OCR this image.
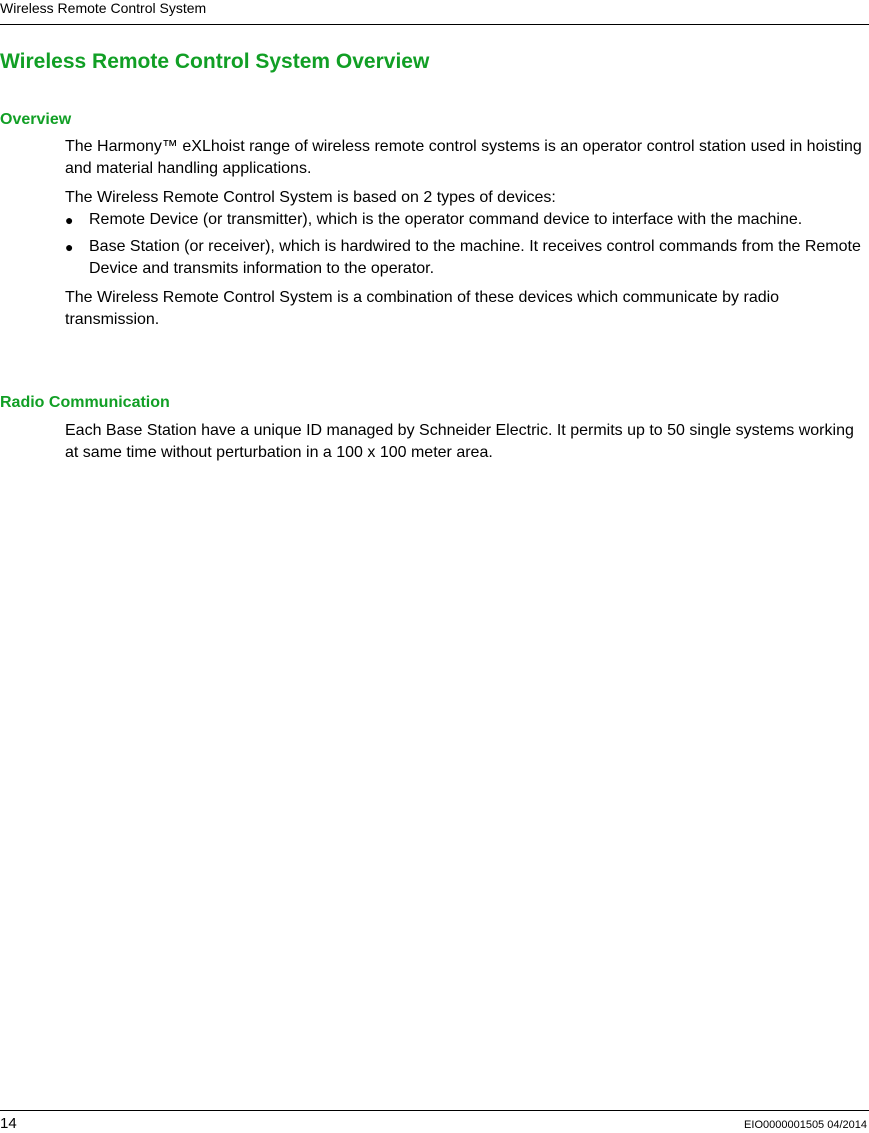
Wireless Remote Control System
Wireless Remote Control System Overview
Overview

The Harmony™ eXLhoist range of wireless remote control systems is an operator control station used in hoisting and material handling applications.

The Wireless Remote Control System is based on 2 types of devices:

● Remote Device (or transmitter), which is the operator command device to interface with the machine.
● Base Station (or receiver), which is hardwired to the machine. It receives control commands from the Remote Device and transmits information to the operator.

The Wireless Remote Control System is a combination of these devices which communicate by radio transmission.

Radio Communication

Each Base Station have a unique ID managed by Schneider Electric. It permits up to 50 single systems working at same time without perturbation in a 100 x 100 meter area.

14	EIO0000001505 04/2014
